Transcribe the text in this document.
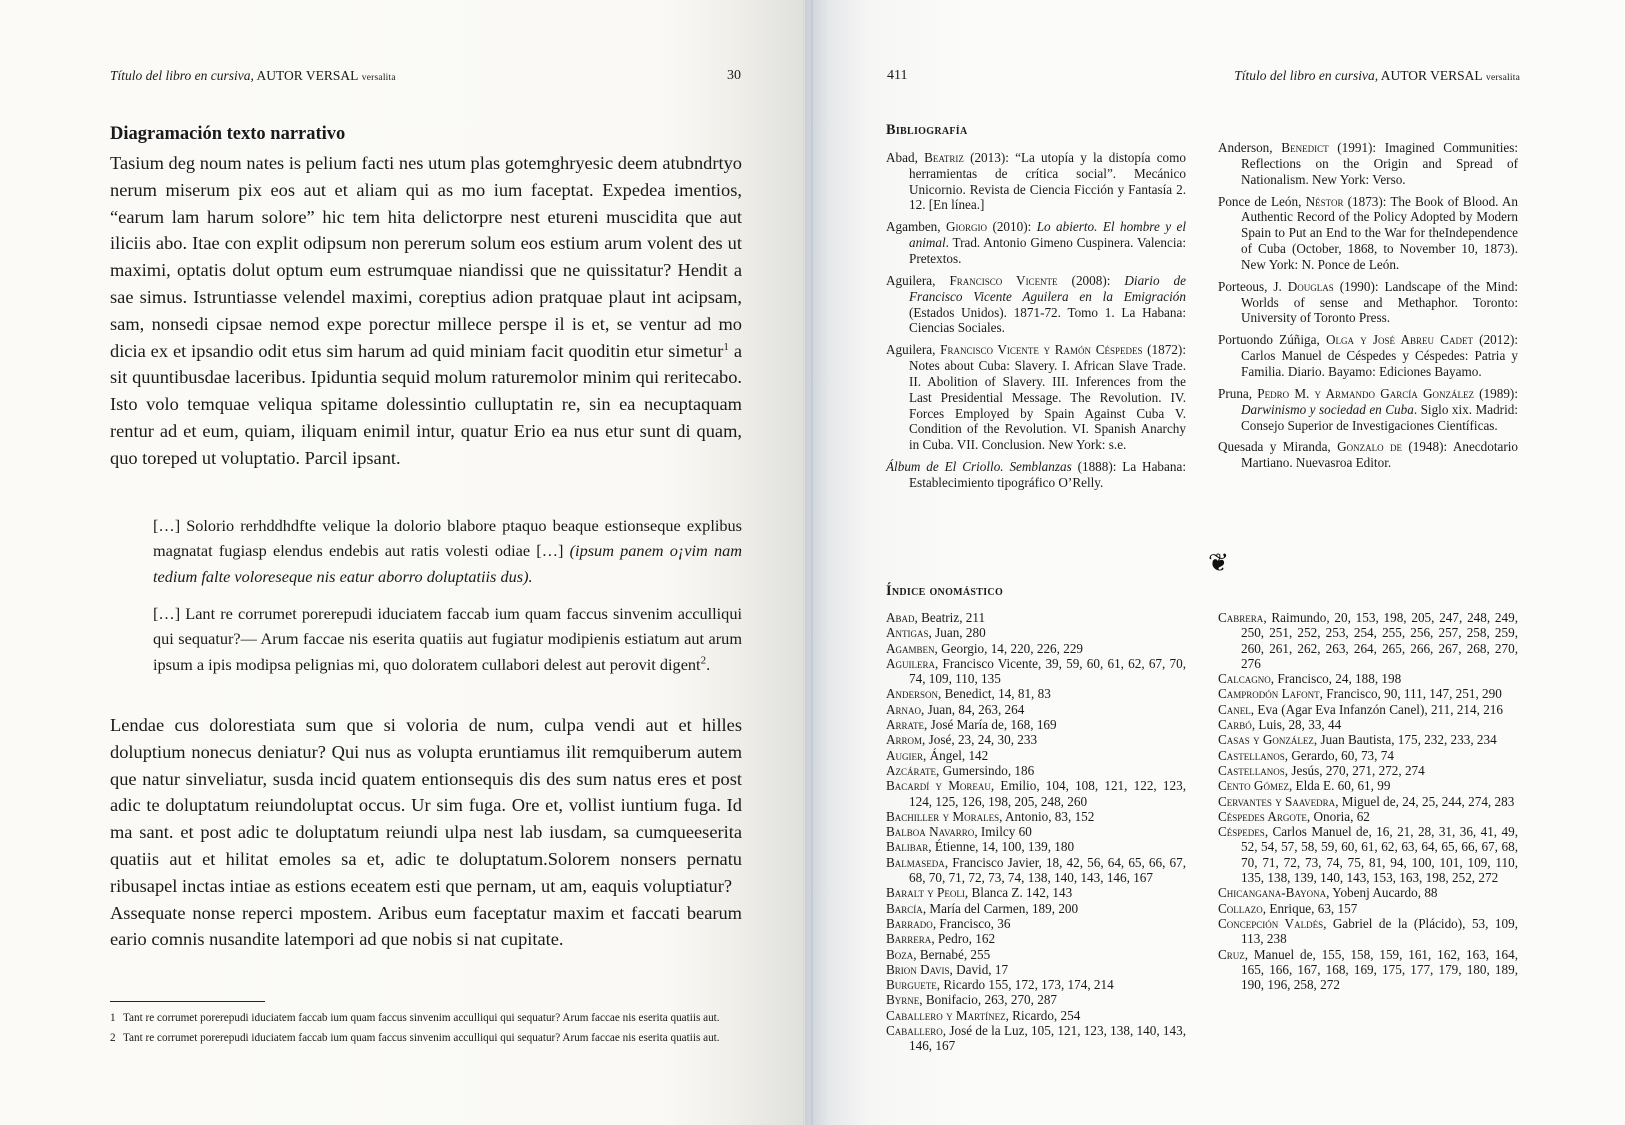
Título del libro en cursiva, AUTOR VERSAL versalita	30
Diagramación texto narrativo

Tasium deg noum nates is pelium facti nes utum plas gotemghryesic deem atubndrtyo nerum miserum pix eos aut et aliam qui as mo ium faceptat. Expedea imentios, “earum lam harum solore” hic tem hita delictorpre nest etureni muscidita que aut iliciis abo. Itae con explit odipsum non pererum solum eos estium arum volent des ut maximi, optatis dolut optum eum estrumquae niandissi que ne quissitatur? Hendit a sae simus. Istruntiasse velendel maximi, coreptius adion pratquae plaut int acipsam, sam, nonsedi cipsae nemod expe porectur millece perspe il is et, se ventur ad mo dicia ex et ipsandio odit etus sim harum ad quid miniam facit quoditin etur simetur$^1$ a sit quuntibusdae laceribus. Ipiduntia sequid molum raturemolor minim qui reritecabo. Isto volo temquae veliqua spitame dolessintio culluptatin re, sin ea necuptaquam rentur ad et eum, quiam, iliquam enimil intur, quatur Erio ea nus etur sunt di quam, quo toreped ut voluptatio. Parcil ipsant.

[…] Solorio rerhddhdfte velique la dolorio blabore ptaquo beaque estionseque explibus magnatat fugiasp elendus endebis aut ratis volesti odiae […] (ipsum panem o¡vim nam tedium falte voloreseque nis eatur aborro doluptatiis dus).

[…] Lant re corrumet porerepudi iduciatem faccab ium quam faccus sinvenim acculliqui qui sequatur?— Arum faccae nis eserita quatiis aut fugiatur modipienis estiatum aut arum ipsum a ipis modipsa pelignias mi, quo doloratem cullabori delest aut perovit digent$^2$.

Lendae cus dolorestiata sum que si voloria de num, culpa vendi aut et hilles doluptium nonecus deniatur? Qui nus as volupta eruntiamus ilit remquiberum autem que natur sinveliatur, susda incid quatem entionsequis dis des sum natus eres et post adic te doluptatum reiundoluptat occus. Ur sim fuga. Ore et, vollist iuntium fuga. Id ma sant. et post adic te doluptatum reiundi ulpa nest lab iusdam, sa cumqueeserita quatiis aut et hilitat emoles sa et, adic te doluptatum.Solorem nonsers pernatu ribusapel inctas intiae as estions eceatem esti que pernam, ut am, eaquis voluptiatur?

Assequate nonse reperci mpostem. Aribus eum faceptatur maxim et faccati bearum eario comnis nusandite latempori ad que nobis si nat cupitate.

1 Tant re corrumet porerepudi iduciatem faccab ium quam faccus sinvenim acculliqui qui sequatur? Arum faccae nis eserita quatiis aut.
2 Tant re corrumet porerepudi iduciatem faccab ium quam faccus sinvenim acculliqui qui sequatur? Arum faccae nis eserita quatiis aut.
411	Título del libro en cursiva, AUTOR VERSAL versalita
Bibliografía
Abad, Beatriz (2013): “La utopía y la distopía como herramientas de crítica social”. Mecánico Unicornio. Revista de Ciencia Ficción y Fantasía 2. 12. [En línea.]
Agamben, Giorgio (2010): Lo abierto. El hombre y el animal. Trad. Antonio Gimeno Cuspinera. Valencia: Pretextos.
Aguilera, Francisco Vicente (2008): Diario de Francisco Vicente Aguilera en la Emigración (Estados Unidos). 1871-72. Tomo 1. La Habana: Ciencias Sociales.
Aguilera, Francisco Vicente y Ramón Céspedes (1872): Notes about Cuba: Slavery. I. African Slave Trade. II. Abolition of Slavery. III. Inferences from the Last Presidential Message. The Revolution. IV. Forces Employed by Spain Against Cuba V. Condition of the Revolution. VI. Spanish Anarchy in Cuba. VII. Conclusion. New York: s.e.
Álbum de El Criollo. Semblanzas (1888): La Habana: Establecimiento tipográfico O’Relly.
Anderson, Benedict (1991): Imagined Communities: Reflections on the Origin and Spread of Nationalism. New York: Verso.
Ponce de León, Néstor (1873): The Book of Blood. An Authentic Record of the Policy Adopted by Modern Spain to Put an End to the War for theIndependence of Cuba (October, 1868, to November 10, 1873). New York: N. Ponce de León.
Porteous, J. Douglas (1990): Landscape of the Mind: Worlds of sense and Methaphor. Toronto: University of Toronto Press.
Portuondo Zúñiga, Olga y José Abreu Cadet (2012): Carlos Manuel de Céspedes y Céspedes: Patria y Familia. Diario. Bayamo: Ediciones Bayamo.
Pruna, Pedro M. y Armando García González (1989): Darwinismo y sociedad en Cuba. Siglo xix. Madrid: Consejo Superior de Investigaciones Científicas.
Quesada y Miranda, Gonzalo de (1948): Anecdotario Martiano. Nuevasroa Editor.
❦
Índice onomástico
Abad, Beatriz, 211
Antigas, Juan, 280
Agamben, Georgio, 14, 220, 226, 229
Aguilera, Francisco Vicente, 39, 59, 60, 61, 62, 67, 70, 74, 109, 110, 135
Anderson, Benedict, 14, 81, 83
Arnao, Juan, 84, 263, 264
Arrate, José María de, 168, 169
Arrom, José, 23, 24, 30, 233
Augier, Ángel, 142
Azcárate, Gumersindo, 186
Bacardí y Moreau, Emilio, 104, 108, 121, 122, 123, 124, 125, 126, 198, 205, 248, 260
Bachiller y Morales, Antonio, 83, 152
Balboa Navarro, Imilcy 60
Balibar, Étienne, 14, 100, 139, 180
Balmaseda, Francisco Javier, 18, 42, 56, 64, 65, 66, 67, 68, 70, 71, 72, 73, 74, 138, 140, 143, 146, 167
Baralt y Peoli, Blanca Z. 142, 143
Barcía, María del Carmen, 189, 200
Barrado, Francisco, 36
Barrera, Pedro, 162
Boza, Bernabé, 255
Brion Davis, David, 17
Burguete, Ricardo 155, 172, 173, 174, 214
Byrne, Bonifacio, 263, 270, 287
Caballero y Martínez, Ricardo, 254
Caballero, José de la Luz, 105, 121, 123, 138, 140, 143, 146, 167
Cabrera, Raimundo, 20, 153, 198, 205, 247, 248, 249, 250, 251, 252, 253, 254, 255, 256, 257, 258, 259, 260, 261, 262, 263, 264, 265, 266, 267, 268, 270, 276
Calcagno, Francisco, 24, 188, 198
Camprodón Lafont, Francisco, 90, 111, 147, 251, 290
Canel, Eva (Agar Eva Infanzón Canel), 211, 214, 216
Carbó, Luis, 28, 33, 44
Casas y González, Juan Bautista, 175, 232, 233, 234
Castellanos, Gerardo, 60, 73, 74
Castellanos, Jesús, 270, 271, 272, 274
Cento Gómez, Elda E. 60, 61, 99
Cervantes y Saavedra, Miguel de, 24, 25, 244, 274, 283
Céspedes Argote, Onoria, 62
Céspedes, Carlos Manuel de, 16, 21, 28, 31, 36, 41, 49, 52, 54, 57, 58, 59, 60, 61, 62, 63, 64, 65, 66, 67, 68, 70, 71, 72, 73, 74, 75, 81, 94, 100, 101, 109, 110, 135, 138, 139, 140, 143, 153, 163, 198, 252, 272
Chicangana-Bayona, Yobenj Aucardo, 88
Collazo, Enrique, 63, 157
Concepción Valdés, Gabriel de la (Plácido), 53, 109, 113, 238
Cruz, Manuel de, 155, 158, 159, 161, 162, 163, 164, 165, 166, 167, 168, 169, 175, 177, 179, 180, 189, 190, 196, 258, 272
